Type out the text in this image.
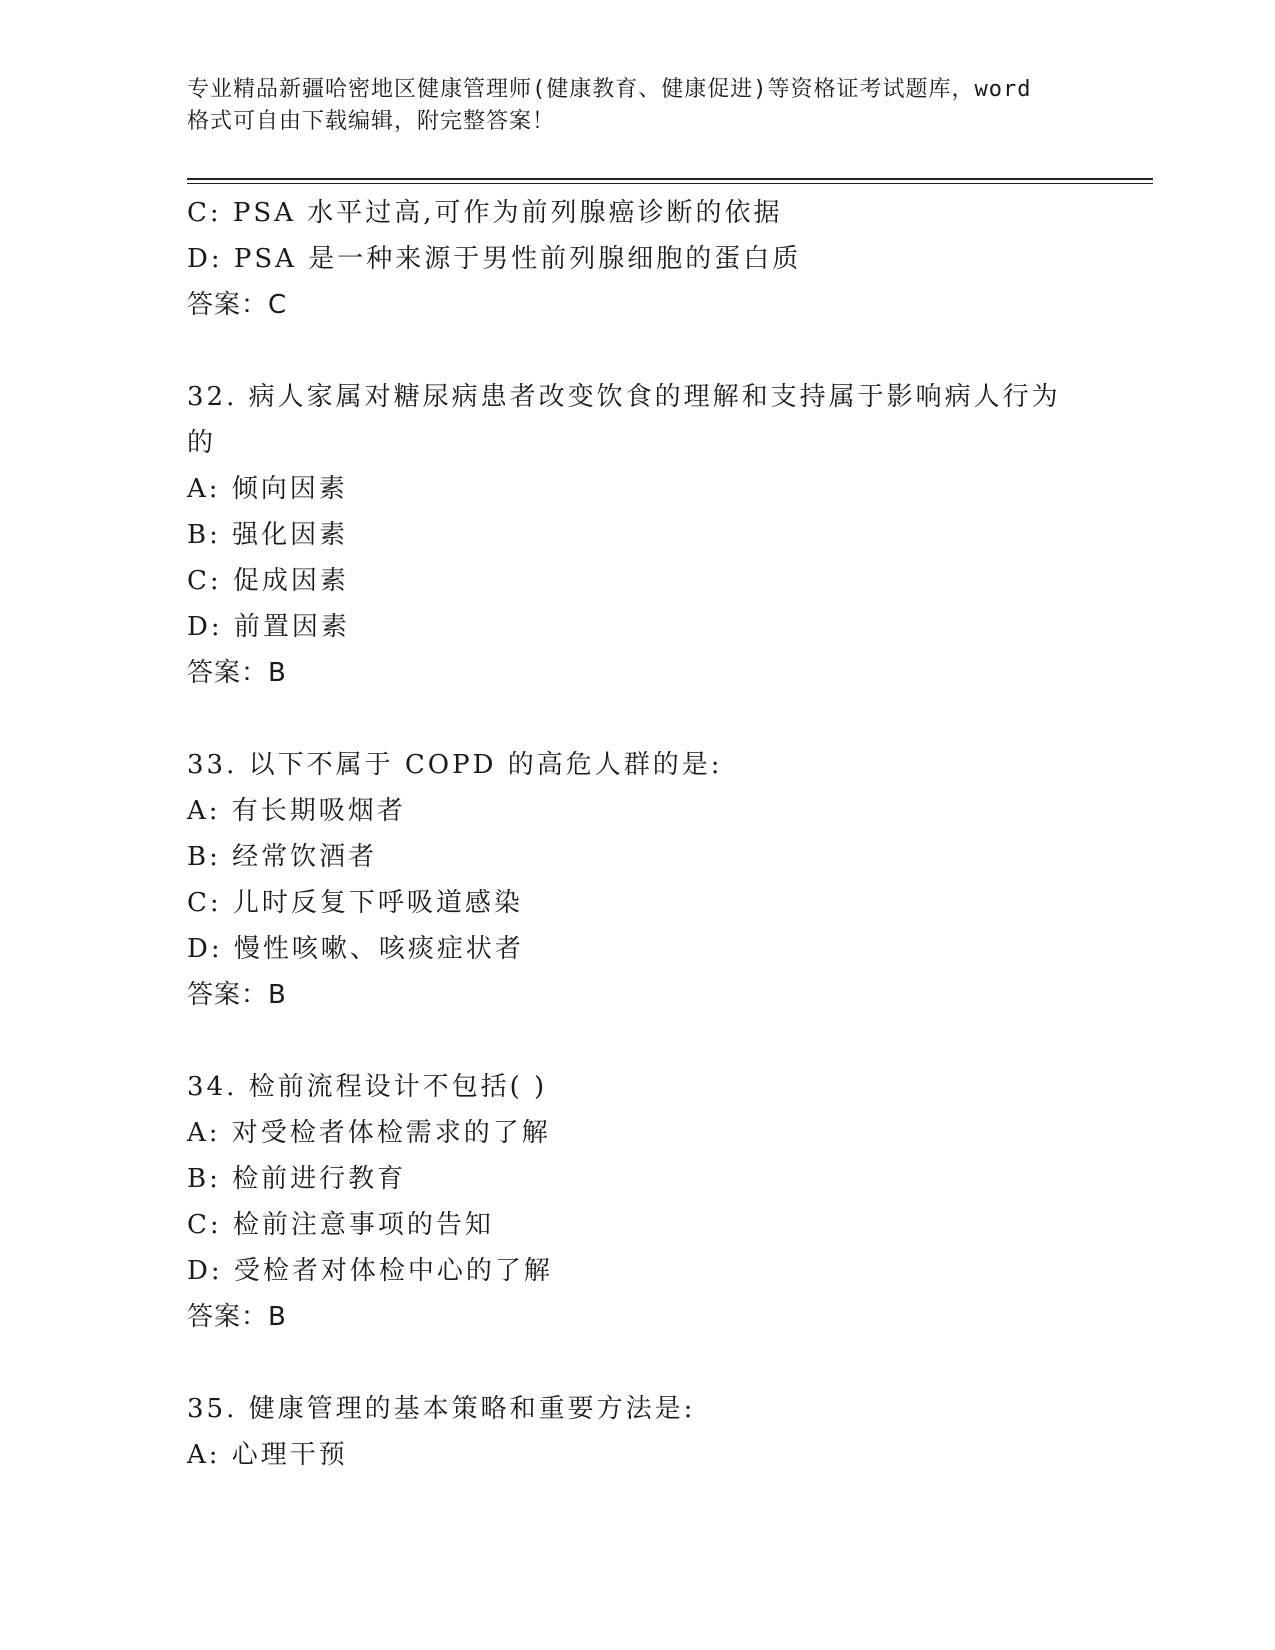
专业精品新疆哈密地区健康管理师(健康教育、健康促进)等资格证考试题库，word
格式可自由下载编辑，附完整答案！
C: PSA 水平过高,可作为前列腺癌诊断的依据
D: PSA 是一种来源于男性前列腺细胞的蛋白质
答案：C
32. 病人家属对糖尿病患者改变饮食的理解和支持属于影响病人行为
的
A: 倾向因素
B: 强化因素
C: 促成因素
D: 前置因素
答案：B
33. 以下不属于 COPD 的高危人群的是:
A: 有长期吸烟者
B: 经常饮酒者
C: 儿时反复下呼吸道感染
D: 慢性咳嗽、咳痰症状者
答案：B
34. 检前流程设计不包括( )
A: 对受检者体检需求的了解
B: 检前进行教育
C: 检前注意事项的告知
D: 受检者对体检中心的了解
答案：B
35. 健康管理的基本策略和重要方法是:
A: 心理干预
